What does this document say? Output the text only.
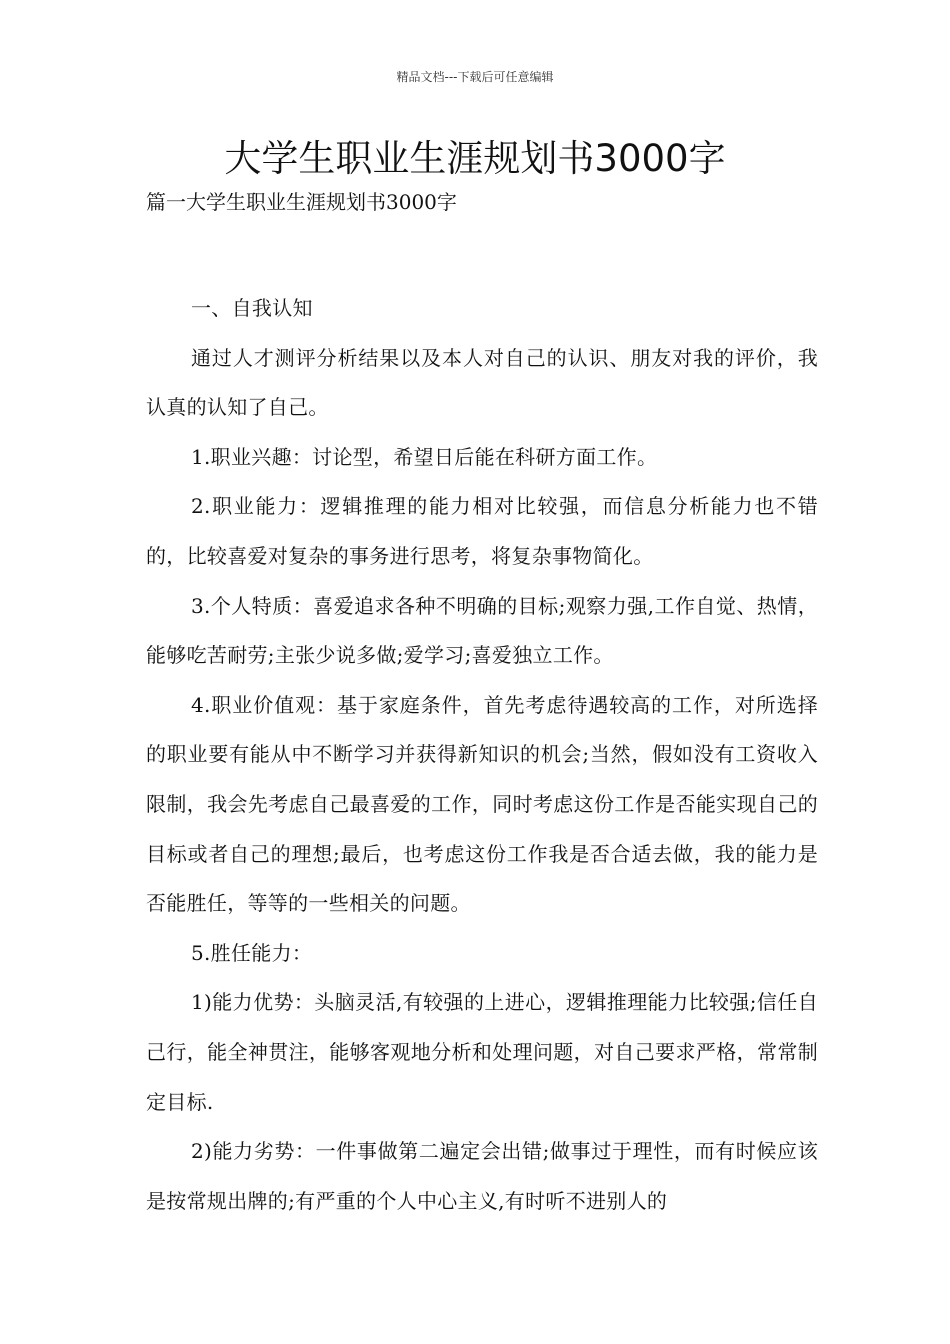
精品文档---下载后可任意编辑
大学生职业生涯规划书3000字
篇一大学生职业生涯规划书3000字

一、自我认知

通过人才测评分析结果以及本人对自己的认识、朋友对我的评价，我认真的认知了自己。

1.职业兴趣：讨论型，希望日后能在科研方面工作。

2.职业能力：逻辑推理的能力相对比较强，而信息分析能力也不错的，比较喜爱对复杂的事务进行思考，将复杂事物简化。

3.个人特质：喜爱追求各种不明确的目标;观察力强,工作自觉、热情，能够吃苦耐劳;主张少说多做;爱学习;喜爱独立工作。

4.职业价值观：基于家庭条件，首先考虑待遇较高的工作，对所选择的职业要有能从中不断学习并获得新知识的机会;当然，假如没有工资收入限制，我会先考虑自己最喜爱的工作，同时考虑这份工作是否能实现自己的目标或者自己的理想;最后，也考虑这份工作我是否合适去做，我的能力是否能胜任，等等的一些相关的问题。

5.胜任能力：

1)能力优势：头脑灵活,有较强的上进心，逻辑推理能力比较强;信任自己行，能全神贯注，能够客观地分析和处理问题，对自己要求严格，常常制定目标.

2)能力劣势：一件事做第二遍定会出错;做事过于理性，而有时候应该是按常规出牌的;有严重的个人中心主义,有时听不进别人的
